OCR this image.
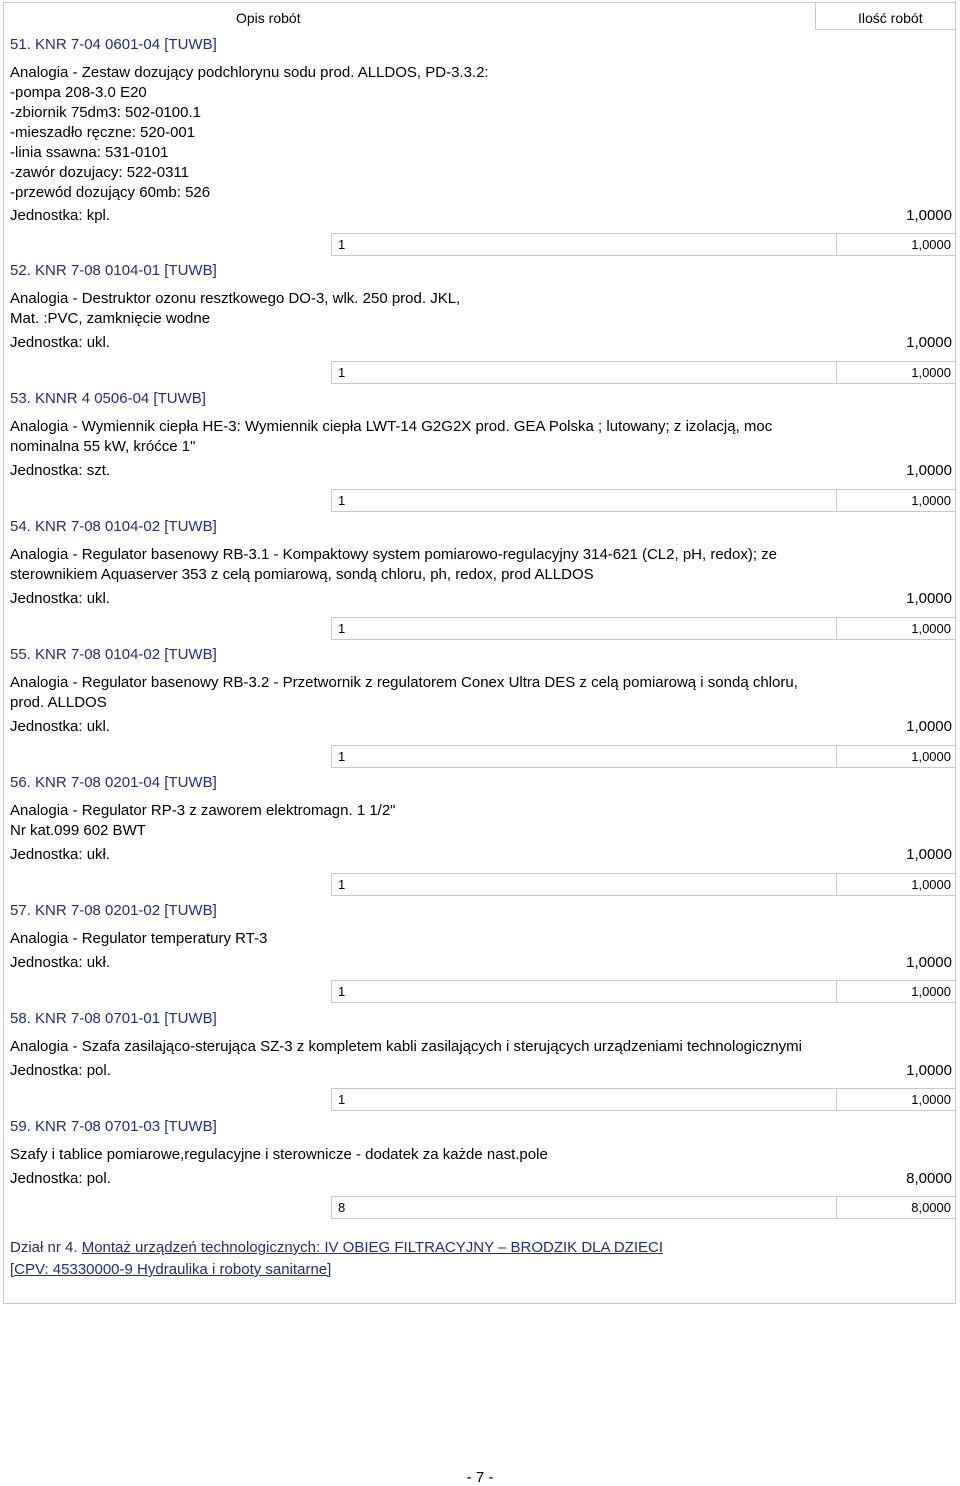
Opis robót	Ilość robót
51. KNR 7-04 0601-04 [TUWB]
Analogia - Zestaw dozujący podchlorynu sodu prod. ALLDOS, PD-3.3.2:
-pompa 208-3.0 E20
-zbiornik 75dm3: 502-0100.1
-mieszadło ręczne: 520-001
-linia ssawna: 531-0101
-zawór dozujacy: 522-0311
-przewód dozujący 60mb: 526
Jednostka: kpl.	1,0000
1	1,0000
52. KNR 7-08 0104-01 [TUWB]
Analogia - Destruktor ozonu resztkowego DO-3, wlk. 250 prod. JKL,
Mat. :PVC, zamknięcie wodne
Jednostka: ukl.	1,0000
1	1,0000
53. KNNR 4 0506-04 [TUWB]
Analogia - Wymiennik ciepła HE-3: Wymiennik ciepła LWT-14 G2G2X prod. GEA Polska ; lutowany; z izolacją, moc
nominalna 55 kW, króćce 1"
Jednostka: szt.	1,0000
1	1,0000
54. KNR 7-08 0104-02 [TUWB]
Analogia - Regulator basenowy RB-3.1 - Kompaktowy system pomiarowo-regulacyjny 314-621 (CL2, pH, redox); ze
sterownikiem Aquaserver 353 z celą pomiarową, sondą chloru, ph, redox, prod ALLDOS
Jednostka: ukl.	1,0000
1	1,0000
55. KNR 7-08 0104-02 [TUWB]
Analogia - Regulator basenowy RB-3.2 - Przetwornik z regulatorem Conex Ultra DES z celą pomiarową i sondą chloru,
prod. ALLDOS
Jednostka: ukl.	1,0000
1	1,0000
56. KNR 7-08 0201-04 [TUWB]
Analogia - Regulator RP-3 z zaworem elektromagn. 1 1/2"
Nr kat.099 602 BWT
Jednostka: ukł.	1,0000
1	1,0000
57. KNR 7-08 0201-02 [TUWB]
Analogia - Regulator temperatury RT-3
Jednostka: ukł.	1,0000
1	1,0000
58. KNR 7-08 0701-01 [TUWB]
Analogia - Szafa zasilająco-sterująca SZ-3 z kompletem kabli zasilających i sterujących urządzeniami technologicznymi
Jednostka: pol.	1,0000
1	1,0000
59. KNR 7-08 0701-03 [TUWB]
Szafy i tablice pomiarowe,regulacyjne i sterownicze - dodatek za każde nast.pole
Jednostka: pol.	8,0000
8	8,0000
Dział nr 4. Montaż urządzeń technologicznych: IV OBIEG FILTRACYJNY – BRODZIK DLA DZIECI
[CPV: 45330000-9 Hydraulika i roboty sanitarne]
- 7 -
